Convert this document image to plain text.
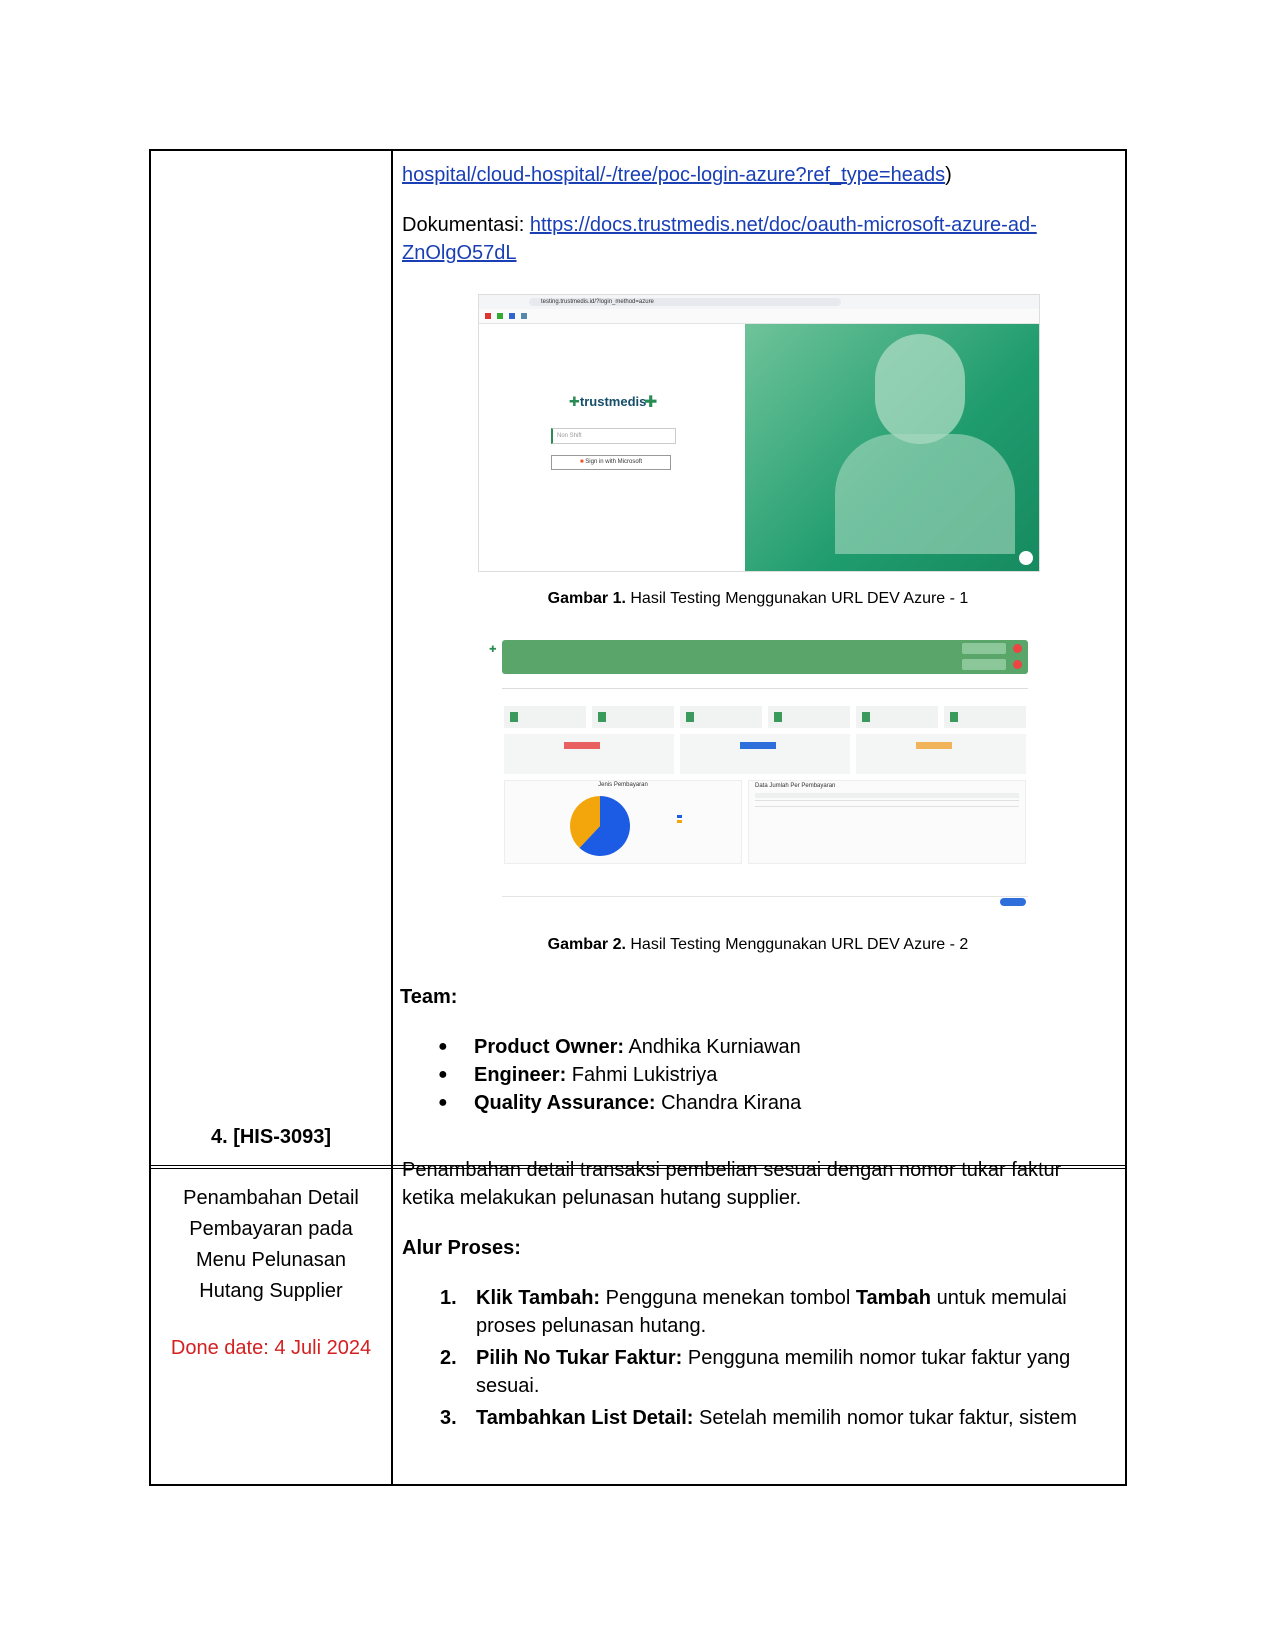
hospital/cloud-hospital/-/tree/poc-login-azure?ref_type=heads)

Dokumentasi: https://docs.trustmedis.net/doc/oauth-microsoft-azure-ad-
ZnOlgO57dL

4. [HIS-3093]
Penambahan Detail
Pembayaran pada
Menu Pelunasan
Hutang Supplier
Done date: 4 Juli 2024

Penambahan detail transaksi pembelian sesuai dengan nomor tukar faktur ketika melakukan pelunasan hutang supplier.

Alur Proses:

1. Klik Tambah: Pengguna menekan tombol Tambah untuk memulai proses pelunasan hutang.
2. Pilih No Tukar Faktur: Pengguna memilih nomor tukar faktur yang sesuai.
3. Tambahkan List Detail: Setelah memilih nomor tukar faktur, sistem
testing.trustmedis.id/?login_method=azure
✚trustmedis
✚
Non Shift
■ Sign in with Microsoft

Gambar 1. Hasil Testing Menggunakan URL DEV Azure - 1

✚
Jenis Pembayaran	Data Jumlah Per Pembayaran

Gambar 2. Hasil Testing Menggunakan URL DEV Azure - 2

Team:

● Product Owner: Andhika Kurniawan
● Engineer: Fahmi Lukistriya
● Quality Assurance: Chandra Kirana
